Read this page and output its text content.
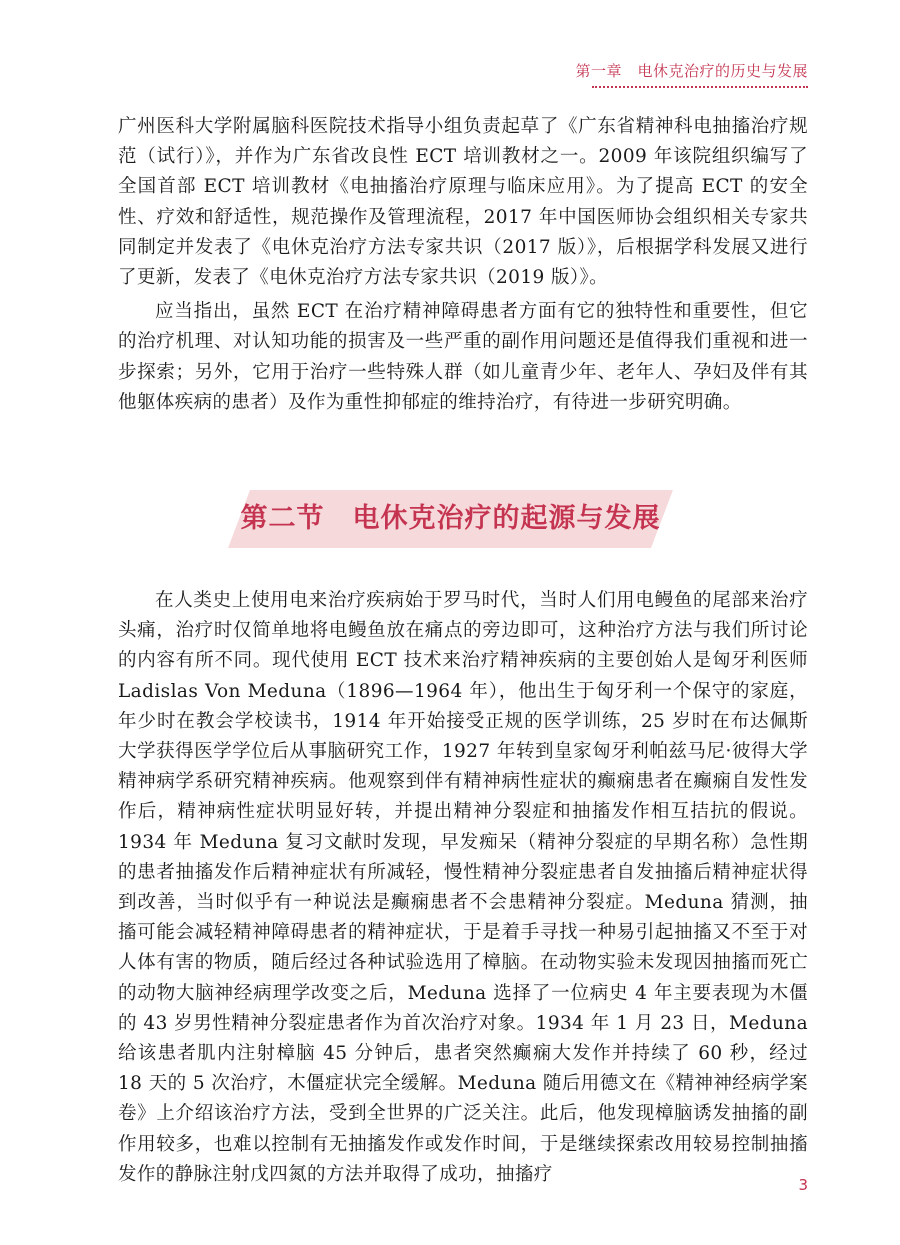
第一章　电休克治疗的历史与发展

广州医科大学附属脑科医院技术指导小组负责起草了《广东省精神科电抽搐治疗规范（试行）》，并作为广东省改良性 ECT 培训教材之一。2009 年该院组织编写了全国首部 ECT 培训教材《电抽搐治疗原理与临床应用》。为了提高 ECT 的安全性、疗效和舒适性，规范操作及管理流程，2017 年中国医师协会组织相关专家共同制定并发表了《电休克治疗方法专家共识（2017 版）》，后根据学科发展又进行了更新，发表了《电休克治疗方法专家共识（2019 版）》。

应当指出，虽然 ECT 在治疗精神障碍患者方面有它的独特性和重要性，但它的治疗机理、对认知功能的损害及一些严重的副作用问题还是值得我们重视和进一步探索；另外，它用于治疗一些特殊人群（如儿童青少年、老年人、孕妇及伴有其他躯体疾病的患者）及作为重性抑郁症的维持治疗，有待进一步研究明确。

第二节　电休克治疗的起源与发展

在人类史上使用电来治疗疾病始于罗马时代，当时人们用电鳗鱼的尾部来治疗头痛，治疗时仅简单地将电鳗鱼放在痛点的旁边即可，这种治疗方法与我们所讨论的内容有所不同。现代使用 ECT 技术来治疗精神疾病的主要创始人是匈牙利医师 Ladislas Von Meduna（1896—1964 年），他出生于匈牙利一个保守的家庭，年少时在教会学校读书，1914 年开始接受正规的医学训练，25 岁时在布达佩斯大学获得医学学位后从事脑研究工作，1927 年转到皇家匈牙利帕兹马尼·彼得大学精神病学系研究精神疾病。他观察到伴有精神病性症状的癫痫患者在癫痫自发性发作后，精神病性症状明显好转，并提出精神分裂症和抽搐发作相互拮抗的假说。1934 年 Meduna 复习文献时发现，早发痴呆（精神分裂症的早期名称）急性期的患者抽搐发作后精神症状有所减轻，慢性精神分裂症患者自发抽搐后精神症状得到改善，当时似乎有一种说法是癫痫患者不会患精神分裂症。Meduna 猜测，抽搐可能会减轻精神障碍患者的精神症状，于是着手寻找一种易引起抽搐又不至于对人体有害的物质，随后经过各种试验选用了樟脑。在动物实验未发现因抽搐而死亡的动物大脑神经病理学改变之后，Meduna 选择了一位病史 4 年主要表现为木僵的 43 岁男性精神分裂症患者作为首次治疗对象。1934 年 1 月 23 日，Meduna 给该患者肌内注射樟脑 45 分钟后，患者突然癫痫大发作并持续了 60 秒，经过 18 天的 5 次治疗，木僵症状完全缓解。Meduna 随后用德文在《精神神经病学案卷》上介绍该治疗方法，受到全世界的广泛关注。此后，他发现樟脑诱发抽搐的副作用较多，也难以控制有无抽搐发作或发作时间，于是继续探索改用较易控制抽搐发作的静脉注射戊四氮的方法并取得了成功，抽搐疗

3
